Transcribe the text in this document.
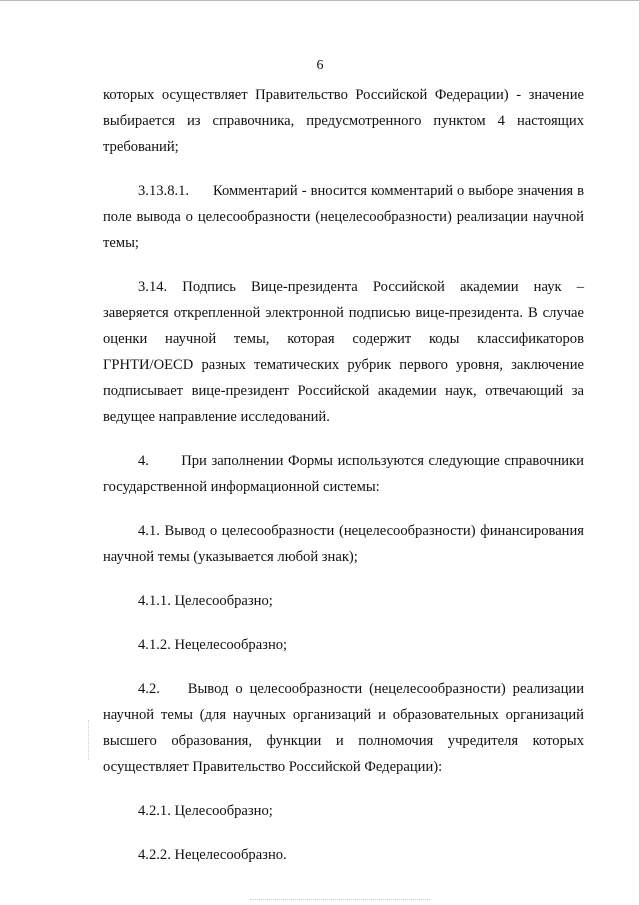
6

которых осуществляет Правительство Российской Федерации) - значение выбирается из справочника, предусмотренного пунктом 4 настоящих требований;

3.13.8.1.      Комментарий - вносится комментарий о выборе значения в поле вывода о целесообразности (нецелесообразности) реализации научной темы;

3.14. Подпись Вице-президента Российской академии наук – заверяется открепленной электронной подписью вице-президента. В случае оценки научной темы, которая содержит коды классификаторов ГРНТИ/OECD разных тематических рубрик первого уровня, заключение подписывает вице-президент Российской академии наук, отвечающий за ведущее направление исследований.

4.       При заполнении Формы используются следующие справочники государственной информационной системы:

4.1. Вывод о целесообразности (нецелесообразности) финансирования научной темы (указывается любой знак);

4.1.1. Целесообразно;

4.1.2. Нецелесообразно;

4.2.    Вывод о целесообразности (нецелесообразности) реализации научной темы (для научных организаций и образовательных организаций высшего образования, функции и полномочия учредителя которых осуществляет Правительство Российской Федерации):

4.2.1. Целесообразно;

4.2.2. Нецелесообразно.
